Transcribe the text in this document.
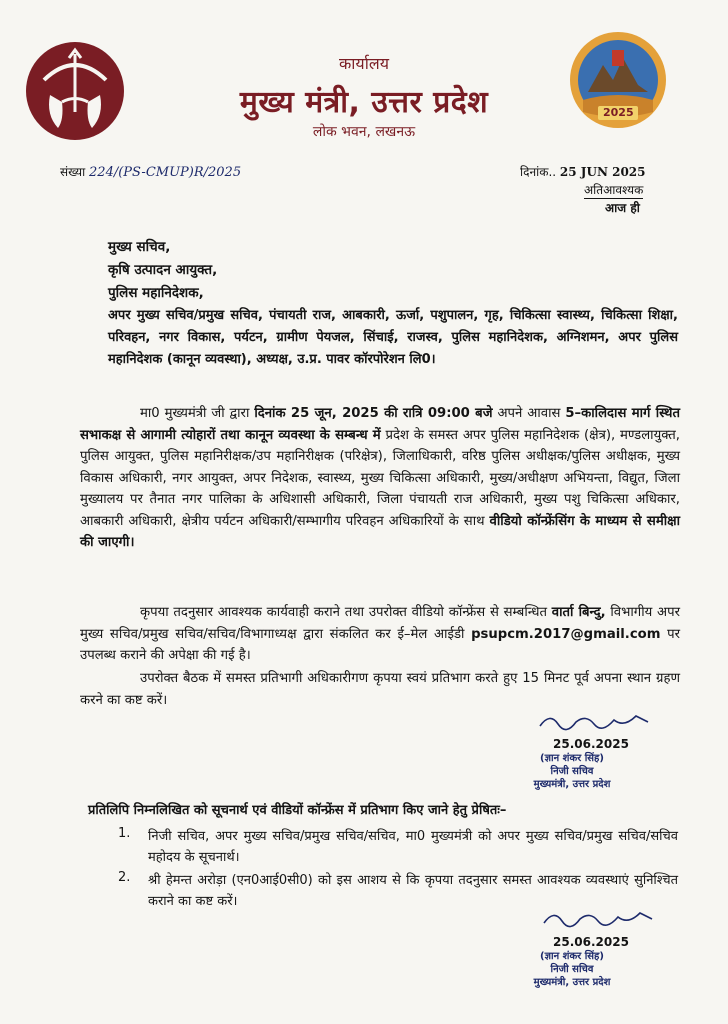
2025
कार्यालय
मुख्य मंत्री, उत्तर प्रदेश
लोक भवन, लखनऊ
संख्या 224/(PS-CMUP)R/2025	दिनांक.. 25 JUN 2025
अतिआवश्यक
आज ही
मुख्य सचिव,
कृषि उत्पादन आयुक्त,
पुलिस महानिदेशक,
अपर मुख्य सचिव/प्रमुख सचिव, पंचायती राज, आबकारी, ऊर्जा, पशुपालन, गृह, चिकित्सा स्वास्थ्य, चिकित्सा शिक्षा, परिवहन, नगर विकास, पर्यटन, ग्रामीण पेयजल, सिंचाई, राजस्व, पुलिस महानिदेशक, अग्निशमन, अपर पुलिस महानिदेशक (कानून व्यवस्था), अध्यक्ष, उ.प्र. पावर कॉरपोरेशन लि0।
मा0 मुख्यमंत्री जी द्वारा दिनांक 25 जून, 2025 की रात्रि 09:00 बजे अपने आवास 5–कालिदास मार्ग स्थित सभाकक्ष से आगामी त्योहारों तथा कानून व्यवस्था के सम्बन्ध में प्रदेश के समस्त अपर पुलिस महानिदेशक (क्षेत्र), मण्डलायुक्त, पुलिस आयुक्त, पुलिस महानिरीक्षक/उप महानिरीक्षक (परिक्षेत्र), जिलाधिकारी, वरिष्ठ पुलिस अधीक्षक/पुलिस अधीक्षक, मुख्य विकास अधिकारी, नगर आयुक्त, अपर निदेशक, स्वास्थ्य, मुख्य चिकित्सा अधिकारी, मुख्य/अधीक्षण अभियन्ता, विद्युत, जिला मुख्यालय पर तैनात नगर पालिका के अधिशासी अधिकारी, जिला पंचायती राज अधिकारी, मुख्य पशु चिकित्सा अधिकार, आबकारी अधिकारी, क्षेत्रीय पर्यटन अधिकारी/सम्भागीय परिवहन अधिकारियों के साथ वीडियो कॉन्फ्रेंसिंग के माध्यम से समीक्षा की जाएगी।
कृपया तदनुसार आवश्यक कार्यवाही कराने तथा उपरोक्त वीडियो कॉन्फ्रेंस से सम्बन्धित वार्ता बिन्दु, विभागीय अपर मुख्य सचिव/प्रमुख सचिव/सचिव/विभागाध्यक्ष द्वारा संकलित कर ई–मेल आईडी psupcm.2017@gmail.com पर उपलब्ध कराने की अपेक्षा की गई है।
उपरोक्त बैठक में समस्त प्रतिभागी अधिकारीगण कृपया स्वयं प्रतिभाग करते हुए 15 मिनट पूर्व अपना स्थान ग्रहण करने का कष्ट करें।
25.06.2025
(ज्ञान शंकर सिंह)
निजी सचिव
मुख्यमंत्री, उत्तर प्रदेश
प्रतिलिपि निम्नलिखित को सूचनार्थ एवं वीडियों कॉन्फ्रेंस में प्रतिभाग किए जाने हेतु प्रेषितः–
1. निजी सचिव, अपर मुख्य सचिव/प्रमुख सचिव/सचिव, मा0 मुख्यमंत्री को अपर मुख्य सचिव/प्रमुख सचिव/सचिव महोदय के सूचनार्थ।
2. श्री हेमन्त अरोड़ा (एन0आई0सी0) को इस आशय से कि कृपया तदनुसार समस्त आवश्यक व्यवस्थाएं सुनिश्चित कराने का कष्ट करें।
25.06.2025
(ज्ञान शंकर सिंह)
निजी सचिव
मुख्यमंत्री, उत्तर प्रदेश
